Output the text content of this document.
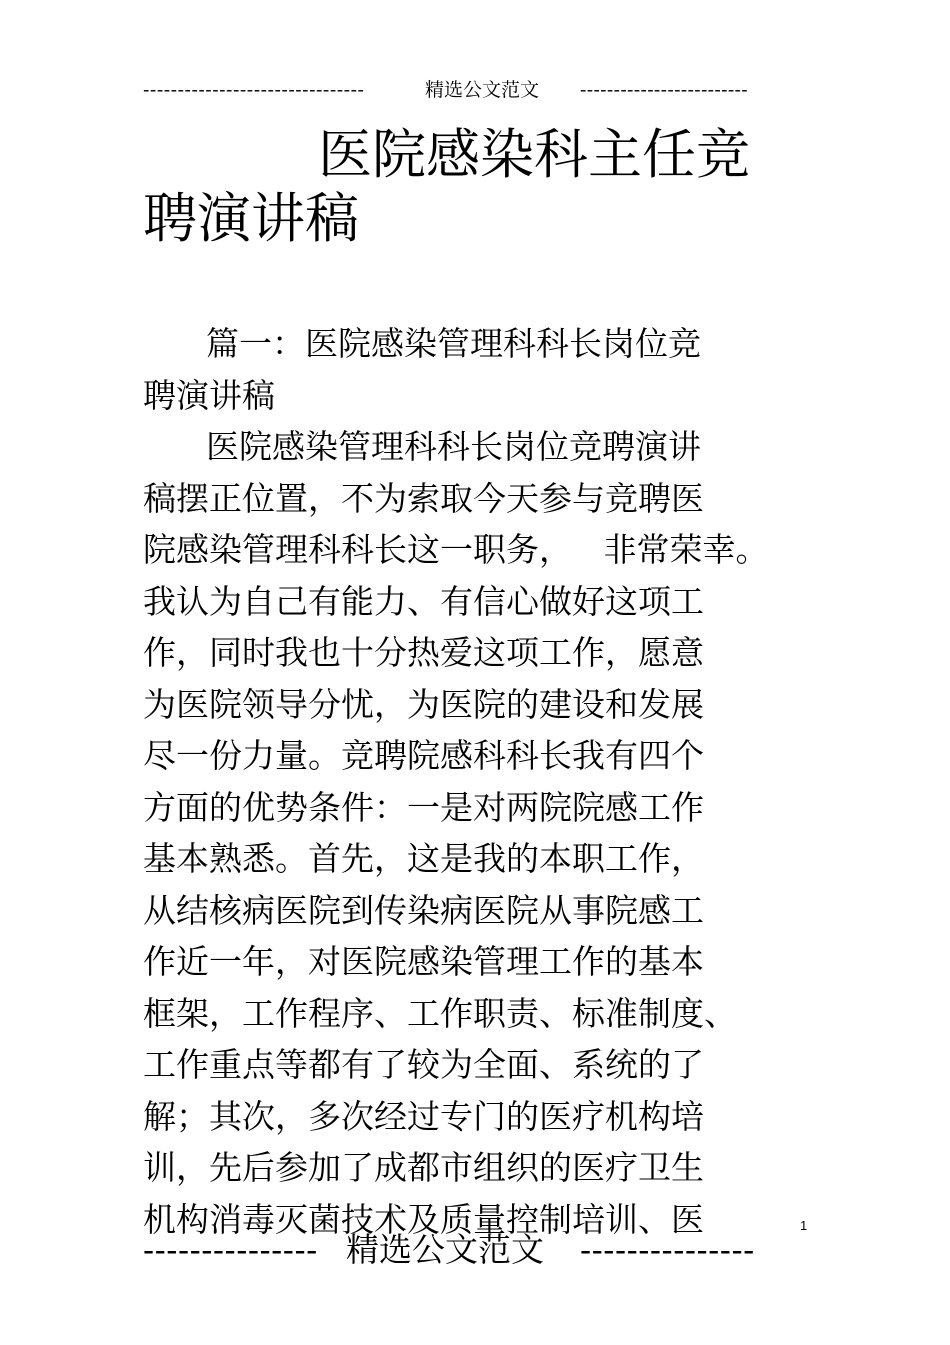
--------------------------------	精选公文范文 -------------------------
医院感染科主任竞
聘演讲稿
篇一：医院感染管理科科长岗位竞
聘演讲稿
医院感染管理科科长岗位竞聘演讲
稿摆正位置，不为索取今天参与竞聘医
院感染管理科科长这一职务，   非常荣幸。
我认为自己有能力、有信心做好这项工
作，同时我也十分热爱这项工作，愿意
为医院领导分忧，为医院的建设和发展
尽一份力量。竞聘院感科科长我有四个
方面的优势条件：一是对两院院感工作
基本熟悉。首先，这是我的本职工作，
从结核病医院到传染病医院从事院感工
作近一年，对医院感染管理工作的基本
框架，工作程序、工作职责、标准制度、
工作重点等都有了较为全面、系统的了
解；其次，多次经过专门的医疗机构培
训，先后参加了成都市组织的医疗卫生
机构消毒灭菌技术及质量控制培训、医	1
--------------- 精选公文范文 ---------------
